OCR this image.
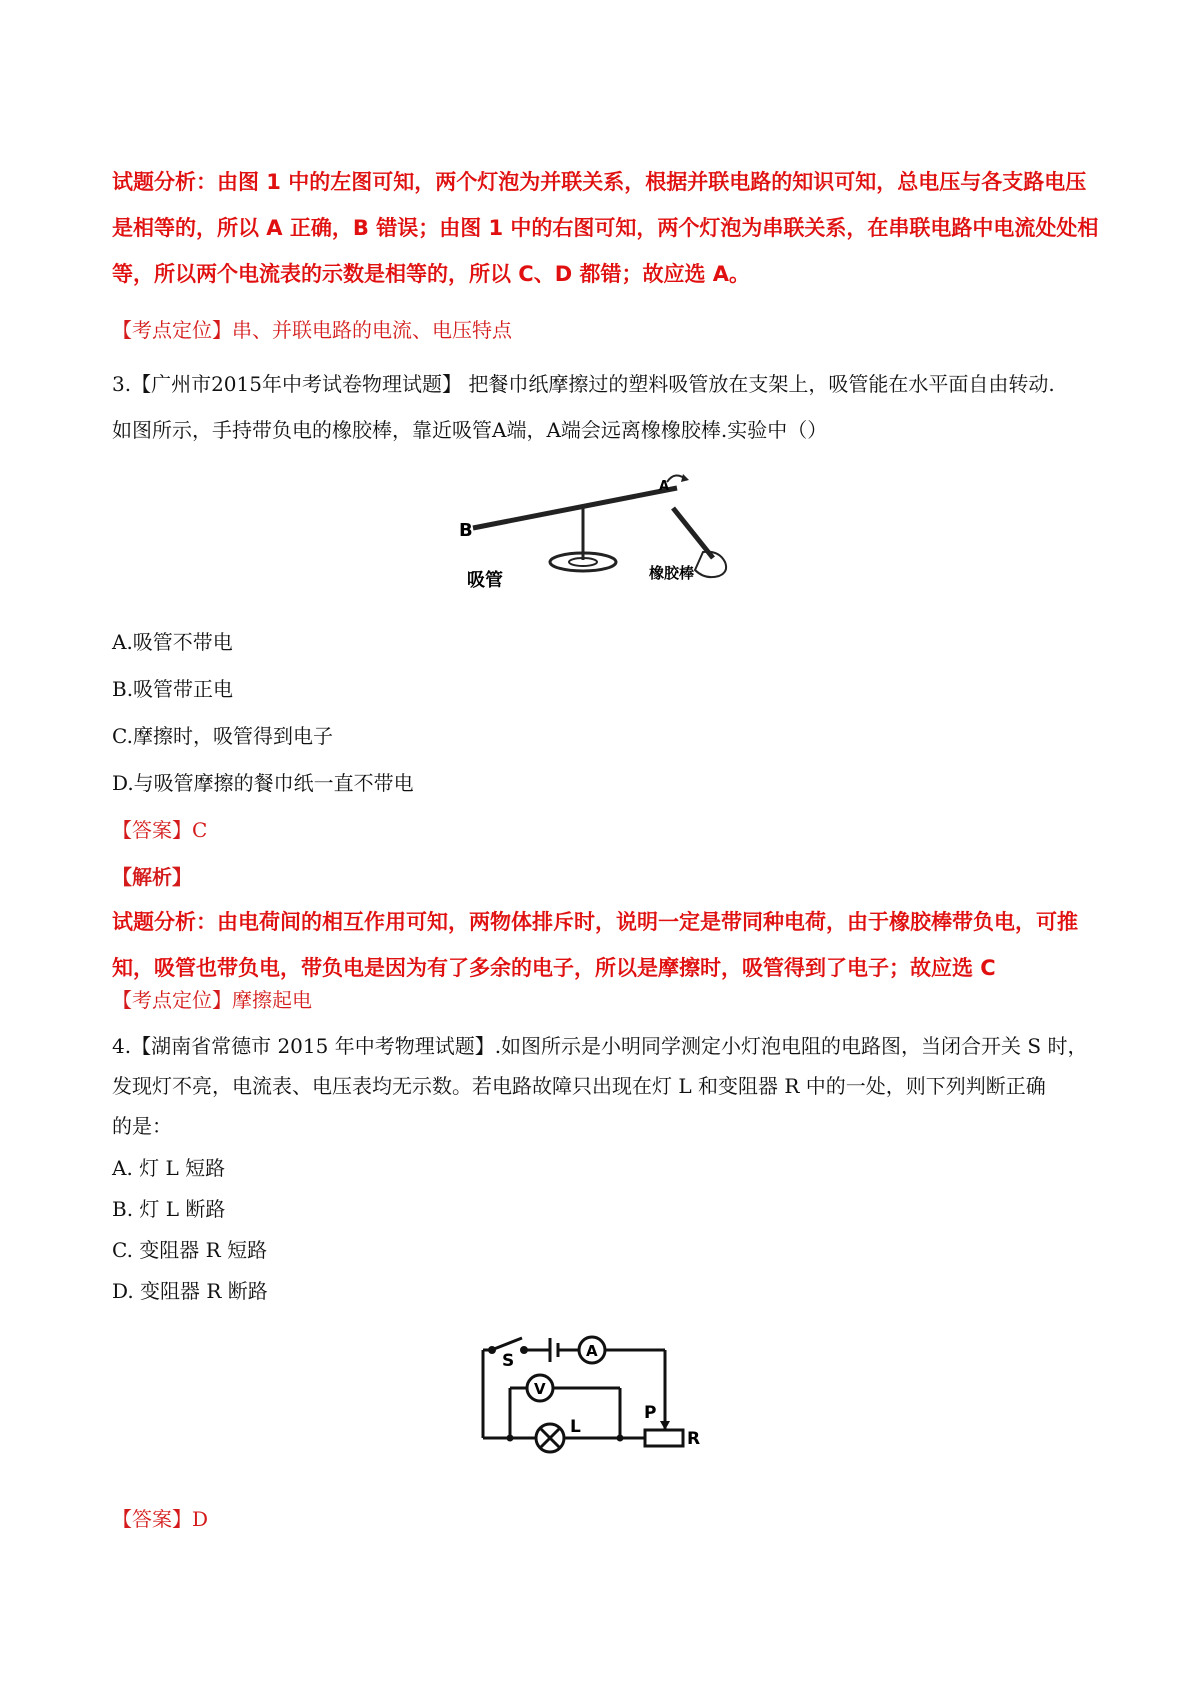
试题分析：由图 1 中的左图可知，两个灯泡为并联关系，根据并联电路的知识可知，总电压与各支路电压
是相等的，所以 A 正确，B 错误；由图 1 中的右图可知，两个灯泡为串联关系，在串联电路中电流处处相
等，所以两个电流表的示数是相等的，所以 C、D 都错；故应选 A。
【考点定位】串、并联电路的电流、电压特点
3.【广州市2015年中考试卷物理试题】 把餐巾纸摩擦过的塑料吸管放在支架上，吸管能在水平面自由转动.
如图所示，手持带负电的橡胶棒，靠近吸管A端，A端会远离橡橡胶棒.实验中（）
B
A
吸管	橡胶棒
A.吸管不带电
B.吸管带正电
C.摩擦时，吸管得到电子
D.与吸管摩擦的餐巾纸一直不带电
【答案】C
【解析】
试题分析：由电荷间的相互作用可知，两物体排斥时，说明一定是带同种电荷，由于橡胶棒带负电，可推
知，吸管也带负电，带负电是因为有了多余的电子，所以是摩擦时，吸管得到了电子；故应选 C
【考点定位】摩擦起电
4.【湖南省常德市 2015 年中考物理试题】.如图所示是小明同学测定小灯泡电阻的电路图，当闭合开关 S 时，
发现灯不亮，电流表、电压表均无示数。若电路故障只出现在灯 L 和变阻器 R 中的一处，则下列判断正确
的是：
A. 灯 L 短路
B. 灯 L 断路
C. 变阻器 R 短路
D. 变阻器 R 断路
S	A
V
L
P
R
【答案】D
